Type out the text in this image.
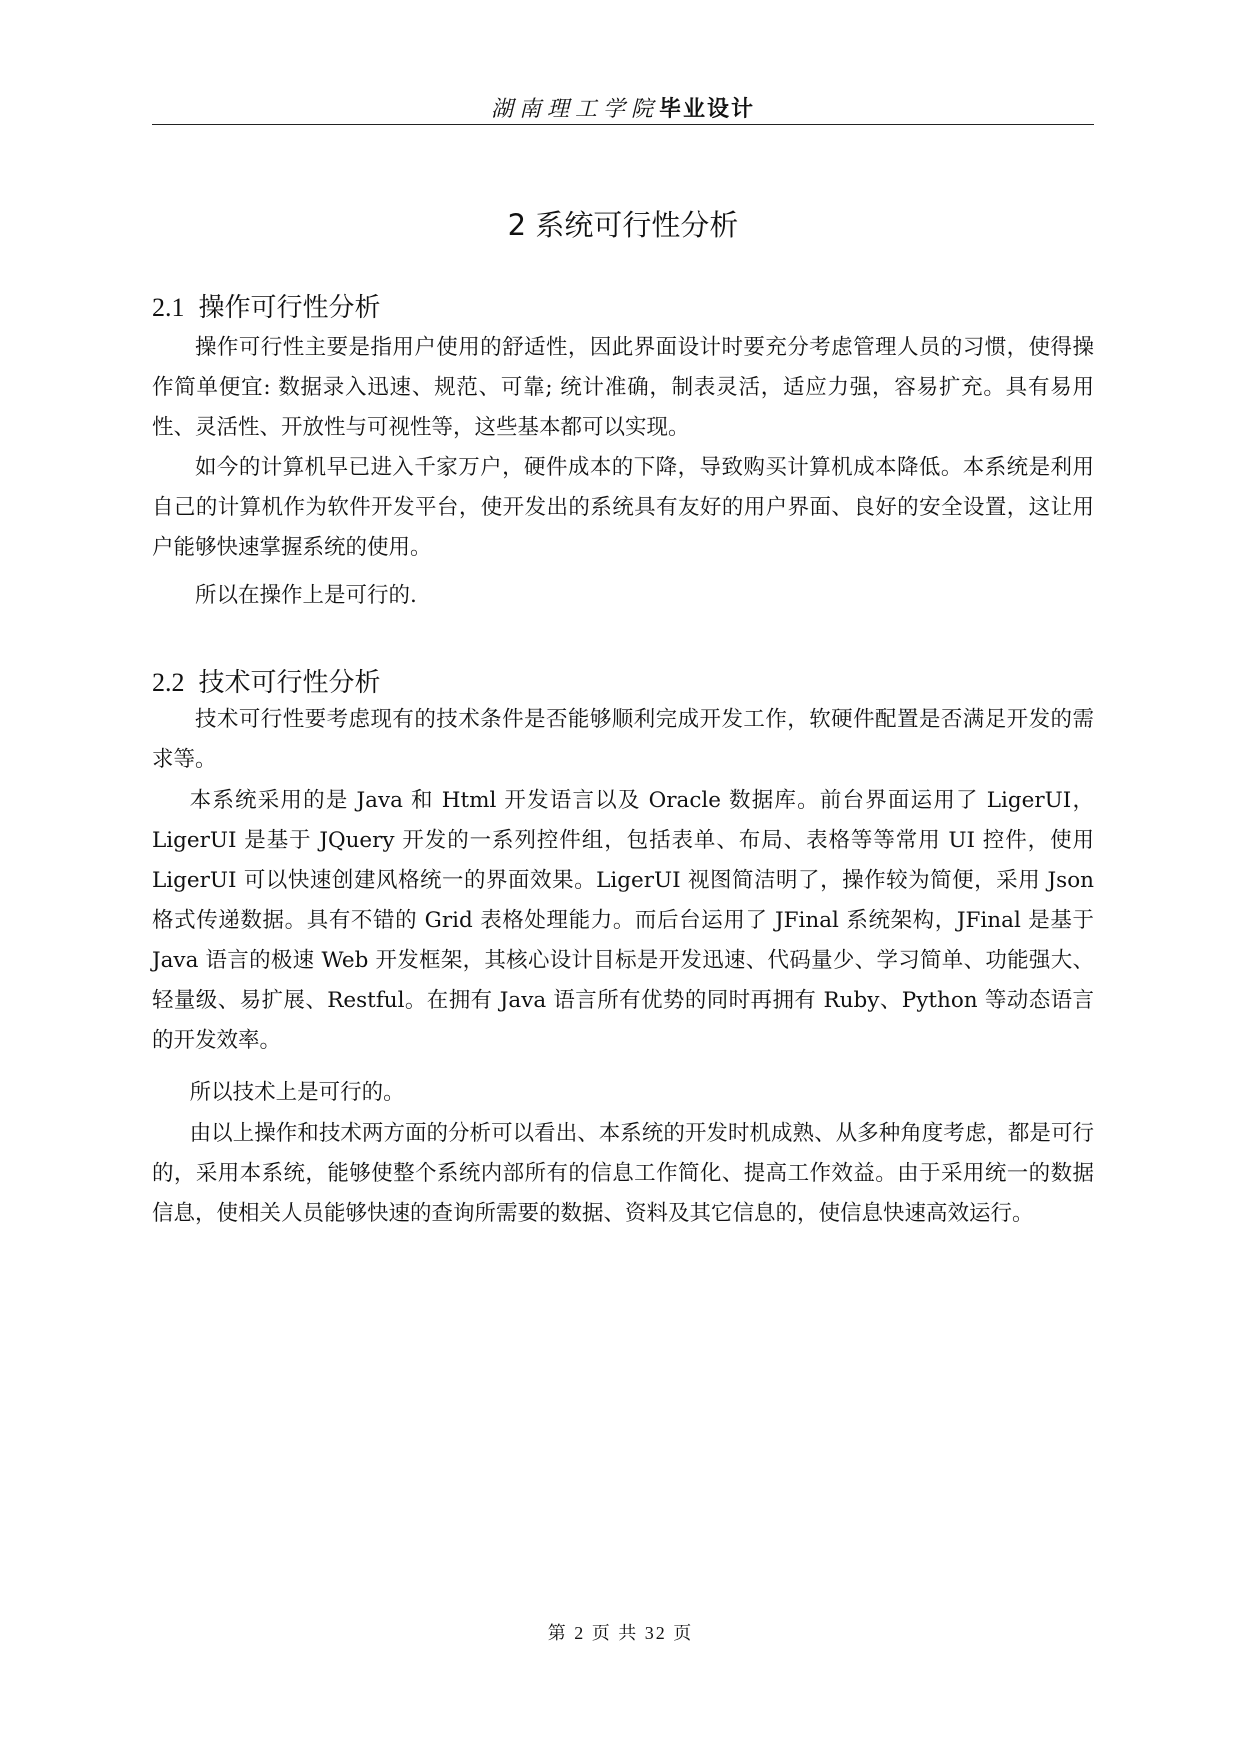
湖南理工学院毕业设计
2 系统可行性分析
2.1 操作可行性分析

操作可行性主要是指用户使用的舒适性，因此界面设计时要充分考虑管理人员的习惯，使得操作简单便宜: 数据录入迅速、规范、可靠; 统计准确，制表灵活，适应力强，容易扩充。具有易用性、灵活性、开放性与可视性等，这些基本都可以实现。

如今的计算机早已进入千家万户，硬件成本的下降，导致购买计算机成本降低。本系统是利用自己的计算机作为软件开发平台，使开发出的系统具有友好的用户界面、良好的安全设置，这让用户能够快速掌握系统的使用。

所以在操作上是可行的.

2.2 技术可行性分析

技术可行性要考虑现有的技术条件是否能够顺利完成开发工作，软硬件配置是否满足开发的需求等。

本系统采用的是 Java 和 Html 开发语言以及 Oracle 数据库。前台界面运用了 LigerUI，LigerUI 是基于 JQuery 开发的一系列控件组，包括表单、布局、表格等等常用 UI 控件，使用 LigerUI 可以快速创建风格统一的界面效果。LigerUI 视图简洁明了，操作较为简便，采用 Json 格式传递数据。具有不错的 Grid 表格处理能力。而后台运用了 JFinal 系统架构，JFinal 是基于 Java 语言的极速 Web 开发框架，其核心设计目标是开发迅速、代码量少、学习简单、功能强大、轻量级、易扩展、Restful。在拥有 Java 语言所有优势的同时再拥有 Ruby、Python 等动态语言的开发效率。

所以技术上是可行的。

由以上操作和技术两方面的分析可以看出、本系统的开发时机成熟、从多种角度考虑，都是可行的，采用本系统，能够使整个系统内部所有的信息工作简化、提高工作效益。由于采用统一的数据信息，使相关人员能够快速的查询所需要的数据、资料及其它信息的，使信息快速高效运行。

第 2 页 共 32 页
